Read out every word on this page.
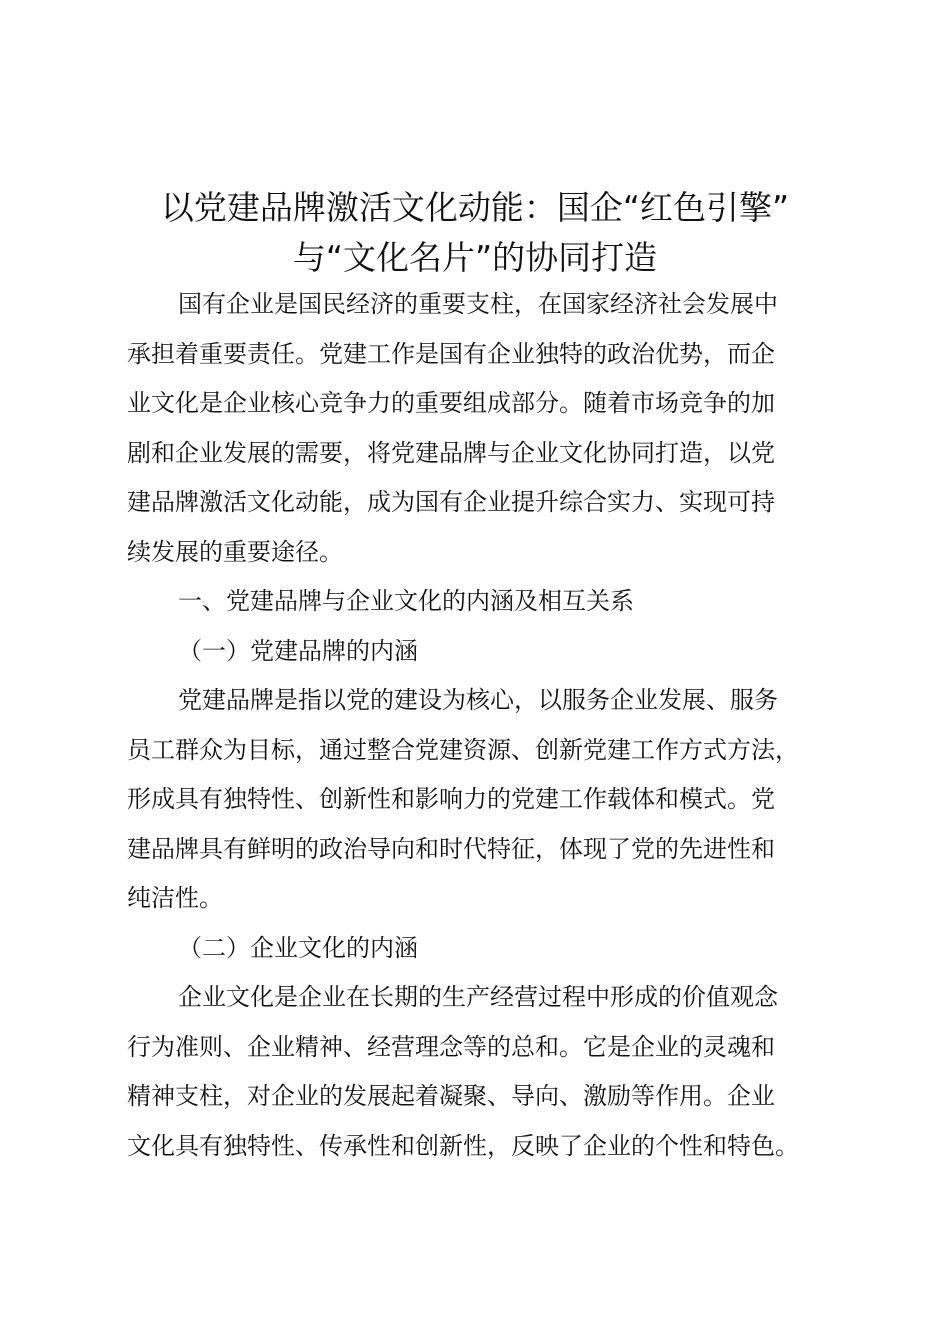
以党建品牌激活文化动能：国企“红色引擎”
与“文化名片”的协同打造
国有企业是国民经济的重要支柱，在国家经济社会发展中
承担着重要责任。党建工作是国有企业独特的政治优势，而企
业文化是企业核心竞争力的重要组成部分。随着市场竞争的加
剧和企业发展的需要，将党建品牌与企业文化协同打造，以党
建品牌激活文化动能，成为国有企业提升综合实力、实现可持
续发展的重要途径。
一、党建品牌与企业文化的内涵及相互关系
（一）党建品牌的内涵
党建品牌是指以党的建设为核心，以服务企业发展、服务
员工群众为目标，通过整合党建资源、创新党建工作方式方法，
形成具有独特性、创新性和影响力的党建工作载体和模式。党
建品牌具有鲜明的政治导向和时代特征，体现了党的先进性和
纯洁性。
（二）企业文化的内涵
企业文化是企业在长期的生产经营过程中形成的价值观念
行为准则、企业精神、经营理念等的总和。它是企业的灵魂和
精神支柱，对企业的发展起着凝聚、导向、激励等作用。企业
文化具有独特性、传承性和创新性，反映了企业的个性和特色。
